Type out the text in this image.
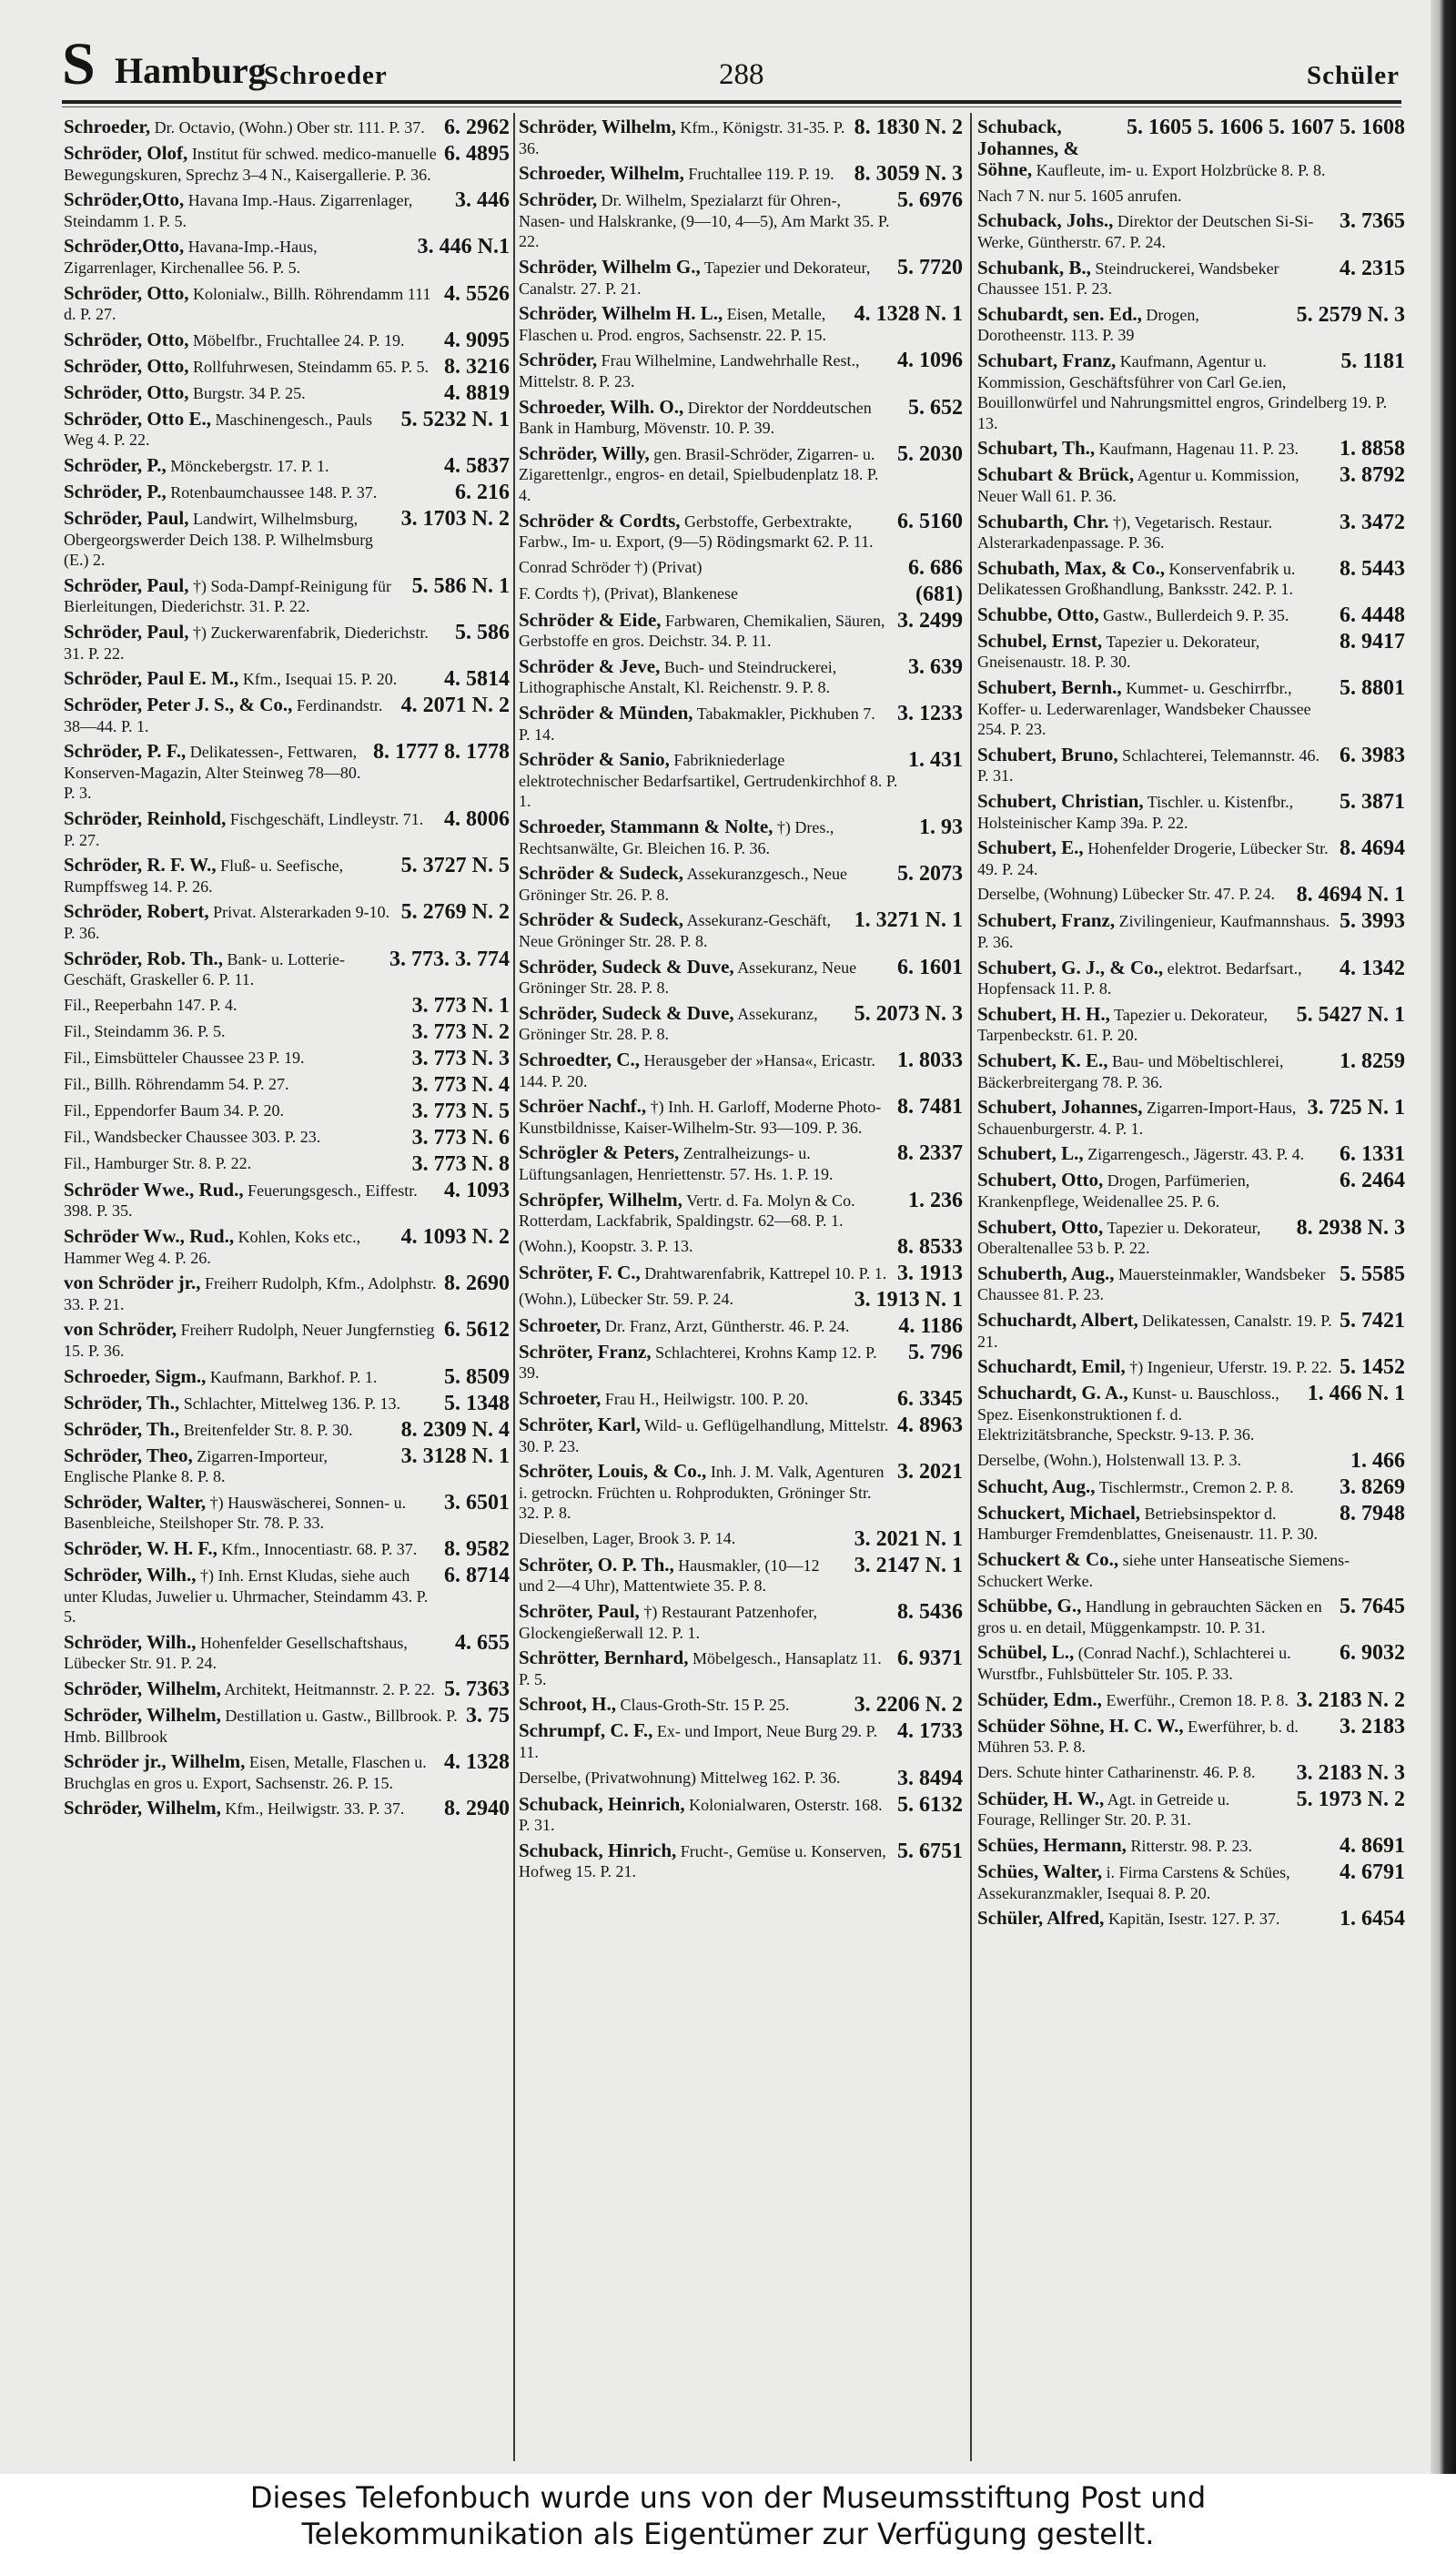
S Hamburg
Schroeder	288	Schüler
6. 2962
Schroeder, Dr. Octavio, (Wohn.) Ober str. 111. P. 37.
6. 4895
Schröder, Olof, Institut für schwed. medico-manuelle Bewegungskuren, Sprechz 3–4 N., Kaisergallerie. P. 36.
3. 446
Schröder,Otto, Havana Imp.-Haus. Zigarrenlager, Steindamm 1. P. 5.
3. 446 N.1
Schröder,Otto, Havana-Imp.-Haus, Zigarrenlager, Kirchenallee 56. P. 5.
4. 5526
Schröder, Otto, Kolonialw., Billh. Röhrendamm 111 d. P. 27.
4. 9095
Schröder, Otto, Möbelfbr., Fruchtallee 24. P. 19.
8. 3216
Schröder, Otto, Rollfuhrwesen, Steindamm 65. P. 5.
4. 8819
Schröder, Otto, Burgstr. 34 P. 25.
5. 5232 N. 1
Schröder, Otto E., Maschinengesch., Pauls Weg 4. P. 22.
4. 5837
Schröder, P., Mönckebergstr. 17. P. 1.
6. 216
Schröder, P., Rotenbaumchaussee 148. P. 37.
3. 1703 N. 2
Schröder, Paul, Landwirt, Wilhelmsburg, Obergeorgswerder Deich 138. P. Wilhelmsburg (E.) 2.
5. 586 N. 1
Schröder, Paul, †) Soda-Dampf-Reinigung für Bierleitungen, Diederichstr. 31. P. 22.
5. 586
Schröder, Paul, †) Zuckerwarenfabrik, Diederichstr. 31. P. 22.
4. 5814
Schröder, Paul E. M., Kfm., Isequai 15. P. 20.
4. 2071 N. 2
Schröder, Peter J. S., & Co., Ferdinandstr. 38—44. P. 1.
8. 1777 8. 1778
Schröder, P. F., Delikatessen-, Fettwaren, Konserven-Magazin, Alter Steinweg 78—80. P. 3.
4. 8006
Schröder, Reinhold, Fischgeschäft, Lindleystr. 71. P. 27.
5. 3727 N. 5
Schröder, R. F. W., Fluß- u. Seefische, Rumpffsweg 14. P. 26.
5. 2769 N. 2
Schröder, Robert, Privat. Alsterarkaden 9-10. P. 36.
3. 773. 3. 774
Schröder, Rob. Th., Bank- u. Lotterie-Geschäft, Graskeller 6. P. 11.
3. 773 N. 1
Fil., Reeperbahn 147. P. 4.
3. 773 N. 2
Fil., Steindamm 36. P. 5.
3. 773 N. 3
Fil., Eimsbütteler Chaussee 23 P. 19.
3. 773 N. 4
Fil., Billh. Röhrendamm 54. P. 27.
3. 773 N. 5
Fil., Eppendorfer Baum 34. P. 20.
3. 773 N. 6
Fil., Wandsbecker Chaussee 303. P. 23.
3. 773 N. 8
Fil., Hamburger Str. 8. P. 22.
4. 1093
Schröder Wwe., Rud., Feuerungsgesch., Eiffestr. 398. P. 35.
4. 1093 N. 2
Schröder Ww., Rud., Kohlen, Koks etc., Hammer Weg 4. P. 26.
8. 2690
von Schröder jr., Freiherr Rudolph, Kfm., Adolphstr. 33. P. 21.
6. 5612
von Schröder, Freiherr Rudolph, Neuer Jungfernstieg 15. P. 36.
5. 8509
Schroeder, Sigm., Kaufmann, Barkhof. P. 1.
5. 1348
Schröder, Th., Schlachter, Mittelweg 136. P. 13.
8. 2309 N. 4
Schröder, Th., Breitenfelder Str. 8. P. 30.
3. 3128 N. 1
Schröder, Theo, Zigarren-Importeur, Englische Planke 8. P. 8.
3. 6501
Schröder, Walter, †) Hauswäscherei, Sonnen- u. Basenbleiche, Steilshoper Str. 78. P. 33.
8. 9582
Schröder, W. H. F., Kfm., Innocentiastr. 68. P. 37.
6. 8714
Schröder, Wilh., †) Inh. Ernst Kludas, siehe auch unter Kludas, Juwelier u. Uhrmacher, Steindamm 43. P. 5.
4. 655
Schröder, Wilh., Hohenfelder Gesellschaftshaus, Lübecker Str. 91. P. 24.
5. 7363
Schröder, Wilhelm, Architekt, Heitmannstr. 2. P. 22.
3. 75
Schröder, Wilhelm, Destillation u. Gastw., Billbrook. P. Hmb. Billbrook
4. 1328
Schröder jr., Wilhelm, Eisen, Metalle, Flaschen u. Bruchglas en gros u. Export, Sachsenstr. 26. P. 15.
8. 2940
Schröder, Wilhelm, Kfm., Heilwigstr. 33. P. 37.
8. 1830 N. 2
Schröder, Wilhelm, Kfm., Königstr. 31-35. P. 36.
8. 3059 N. 3
Schroeder, Wilhelm, Fruchtallee 119. P. 19.
5. 6976
Schröder, Dr. Wilhelm, Spezialarzt für Ohren-, Nasen- und Halskranke, (9—10, 4—5), Am Markt 35. P. 22.
5. 7720
Schröder, Wilhelm G., Tapezier und Dekorateur, Canalstr. 27. P. 21.
4. 1328 N. 1
Schröder, Wilhelm H. L., Eisen, Metalle, Flaschen u. Prod. engros, Sachsenstr. 22. P. 15.
4. 1096
Schröder, Frau Wilhelmine, Landwehrhalle Rest., Mittelstr. 8. P. 23.
5. 652
Schroeder, Wilh. O., Direktor der Norddeutschen Bank in Hamburg, Mövenstr. 10. P. 39.
5. 2030
Schröder, Willy, gen. Brasil-Schröder, Zigarren- u. Zigarettenlgr., engros- en detail, Spielbudenplatz 18. P. 4.
6. 5160
Schröder & Cordts, Gerbstoffe, Gerbextrakte, Farbw., Im- u. Export, (9—5) Rödingsmarkt 62. P. 11.
6. 686
Conrad Schröder †) (Privat)
(681)
F. Cordts †), (Privat), Blankenese
3. 2499
Schröder & Eide, Farbwaren, Chemikalien, Säuren, Gerbstoffe en gros. Deichstr. 34. P. 11.
3. 639
Schröder & Jeve, Buch- und Steindruckerei, Lithographische Anstalt, Kl. Reichenstr. 9. P. 8.
3. 1233
Schröder & Münden, Tabakmakler, Pickhuben 7. P. 14.
1. 431
Schröder & Sanio, Fabrikniederlage elektrotechnischer Bedarfsartikel, Gertrudenkirchhof 8. P. 1.
1. 93
Schroeder, Stammann & Nolte, †) Dres., Rechtsanwälte, Gr. Bleichen 16. P. 36.
5. 2073
Schröder & Sudeck, Assekuranzgesch., Neue Gröninger Str. 26. P. 8.
1. 3271 N. 1
Schröder & Sudeck, Assekuranz-Geschäft, Neue Gröninger Str. 28. P. 8.
6. 1601
Schröder, Sudeck & Duve, Assekuranz, Neue Gröninger Str. 28. P. 8.
5. 2073 N. 3
Schröder, Sudeck & Duve, Assekuranz, Gröninger Str. 28. P. 8.
1. 8033
Schroedter, C., Herausgeber der »Hansa«, Ericastr. 144. P. 20.
8. 7481
Schröer Nachf., †) Inh. H. Garloff, Moderne Photo-Kunstbildnisse, Kaiser-Wilhelm-Str. 93—109. P. 36.
8. 2337
Schrögler & Peters, Zentralheizungs- u. Lüftungsanlagen, Henriettenstr. 57. Hs. 1. P. 19.
1. 236
Schröpfer, Wilhelm, Vertr. d. Fa. Molyn & Co. Rotterdam, Lackfabrik, Spaldingstr. 62—68. P. 1.
8. 8533
(Wohn.), Koopstr. 3. P. 13.
3. 1913
Schröter, F. C., Drahtwarenfabrik, Kattrepel 10. P. 1.
3. 1913 N. 1
(Wohn.), Lübecker Str. 59. P. 24.
4. 1186
Schroeter, Dr. Franz, Arzt, Güntherstr. 46. P. 24.
5. 796
Schröter, Franz, Schlachterei, Krohns Kamp 12. P. 39.
6. 3345
Schroeter, Frau H., Heilwigstr. 100. P. 20.
4. 8963
Schröter, Karl, Wild- u. Geflügelhandlung, Mittelstr. 30. P. 23.
3. 2021
Schröter, Louis, & Co., Inh. J. M. Valk, Agenturen i. getrockn. Früchten u. Rohprodukten, Gröninger Str. 32. P. 8.
3. 2021 N. 1
Dieselben, Lager, Brook 3. P. 14.
3. 2147 N. 1
Schröter, O. P. Th., Hausmakler, (10—12 und 2—4 Uhr), Mattentwiete 35. P. 8.
8. 5436
Schröter, Paul, †) Restaurant Patzenhofer, Glockengießerwall 12. P. 1.
6. 9371
Schrötter, Bernhard, Möbelgesch., Hansaplatz 11. P. 5.
3. 2206 N. 2
Schroot, H., Claus-Groth-Str. 15 P. 25.
4. 1733
Schrumpf, C. F., Ex- und Import, Neue Burg 29. P. 11.
3. 8494
Derselbe, (Privatwohnung) Mittelweg 162. P. 36.
5. 6132
Schuback, Heinrich, Kolonialwaren, Osterstr. 168. P. 31.
5. 6751
Schuback, Hinrich, Frucht-, Gemüse u. Konserven, Hofweg 15. P. 21.
5. 1605 5. 1606 5. 1607 5. 1608
Schuback, Johannes, & Söhne, Kaufleute, im- u. Export Holzbrücke 8. P. 8.
Nach 7 N. nur 5. 1605 anrufen.
3. 7365
Schuback, Johs., Direktor der Deutschen Si-Si-Werke, Güntherstr. 67. P. 24.
4. 2315
Schubank, B., Steindruckerei, Wandsbeker Chaussee 151. P. 23.
5. 2579 N. 3
Schubardt, sen. Ed., Drogen, Dorotheenstr. 113. P. 39
5. 1181
Schubart, Franz, Kaufmann, Agentur u. Kommission, Geschäftsführer von Carl Ge.ien, Bouillonwürfel und Nahrungsmittel engros, Grindelberg 19. P. 13.
1. 8858
Schubart, Th., Kaufmann, Hagenau 11. P. 23.
3. 8792
Schubart & Brück, Agentur u. Kommission, Neuer Wall 61. P. 36.
3. 3472
Schubarth, Chr. †), Vegetarisch. Restaur. Alsterarkadenpassage. P. 36.
8. 5443
Schubath, Max, & Co., Konservenfabrik u. Delikatessen Großhandlung, Banksstr. 242. P. 1.
6. 4448
Schubbe, Otto, Gastw., Bullerdeich 9. P. 35.
8. 9417
Schubel, Ernst, Tapezier u. Dekorateur, Gneisenaustr. 18. P. 30.
5. 8801
Schubert, Bernh., Kummet- u. Geschirrfbr., Koffer- u. Lederwarenlager, Wandsbeker Chaussee 254. P. 23.
6. 3983
Schubert, Bruno, Schlachterei, Telemannstr. 46. P. 31.
5. 3871
Schubert, Christian, Tischler. u. Kistenfbr., Holsteinischer Kamp 39a. P. 22.
8. 4694
Schubert, E., Hohenfelder Drogerie, Lübecker Str. 49. P. 24.
8. 4694 N. 1
Derselbe, (Wohnung) Lübecker Str. 47. P. 24.
5. 3993
Schubert, Franz, Zivilingenieur, Kaufmannshaus. P. 36.
4. 1342
Schubert, G. J., & Co., elektrot. Bedarfsart., Hopfensack 11. P. 8.
5. 5427 N. 1
Schubert, H. H., Tapezier u. Dekorateur, Tarpenbeckstr. 61. P. 20.
1. 8259
Schubert, K. E., Bau- und Möbeltischlerei, Bäckerbreitergang 78. P. 36.
3. 725 N. 1
Schubert, Johannes, Zigarren-Import-Haus, Schauenburgerstr. 4. P. 1.
6. 1331
Schubert, L., Zigarrengesch., Jägerstr. 43. P. 4.
6. 2464
Schubert, Otto, Drogen, Parfümerien, Krankenpflege, Weidenallee 25. P. 6.
8. 2938 N. 3
Schubert, Otto, Tapezier u. Dekorateur, Oberaltenallee 53 b. P. 22.
5. 5585
Schuberth, Aug., Mauersteinmakler, Wandsbeker Chaussee 81. P. 23.
5. 7421
Schuchardt, Albert, Delikatessen, Canalstr. 19. P. 21.
5. 1452
Schuchardt, Emil, †) Ingenieur, Uferstr. 19. P. 22.
1. 466 N. 1
Schuchardt, G. A., Kunst- u. Bauschloss., Spez. Eisenkonstruktionen f. d. Elektrizitätsbranche, Speckstr. 9-13. P. 36.
1. 466
Derselbe, (Wohn.), Holstenwall 13. P. 3.
3. 8269
Schucht, Aug., Tischlermstr., Cremon 2. P. 8.
8. 7948
Schuckert, Michael, Betriebsinspektor d. Hamburger Fremdenblattes, Gneisenaustr. 11. P. 30.
Schuckert & Co., siehe unter Hanseatische Siemens-Schuckert Werke.
5. 7645
Schübbe, G., Handlung in gebrauchten Säcken en gros u. en detail, Müggenkampstr. 10. P. 31.
6. 9032
Schübel, L., (Conrad Nachf.), Schlachterei u. Wurstfbr., Fuhlsbütteler Str. 105. P. 33.
3. 2183 N. 2
Schüder, Edm., Ewerführ., Cremon 18. P. 8.
3. 2183
Schüder Söhne, H. C. W., Ewerführer, b. d. Mühren 53. P. 8.
3. 2183 N. 3
Ders. Schute hinter Catharinenstr. 46. P. 8.
5. 1973 N. 2
Schüder, H. W., Agt. in Getreide u. Fourage, Rellinger Str. 20. P. 31.
4. 8691
Schües, Hermann, Ritterstr. 98. P. 23.
4. 6791
Schües, Walter, i. Firma Carstens & Schües, Assekuranzmakler, Isequai 8. P. 20.
1. 6454
Schüler, Alfred, Kapitän, Isestr. 127. P. 37.
Dieses Telefonbuch wurde uns von der Museumsstiftung Post und
Telekommunikation als Eigentümer zur Verfügung gestellt.
